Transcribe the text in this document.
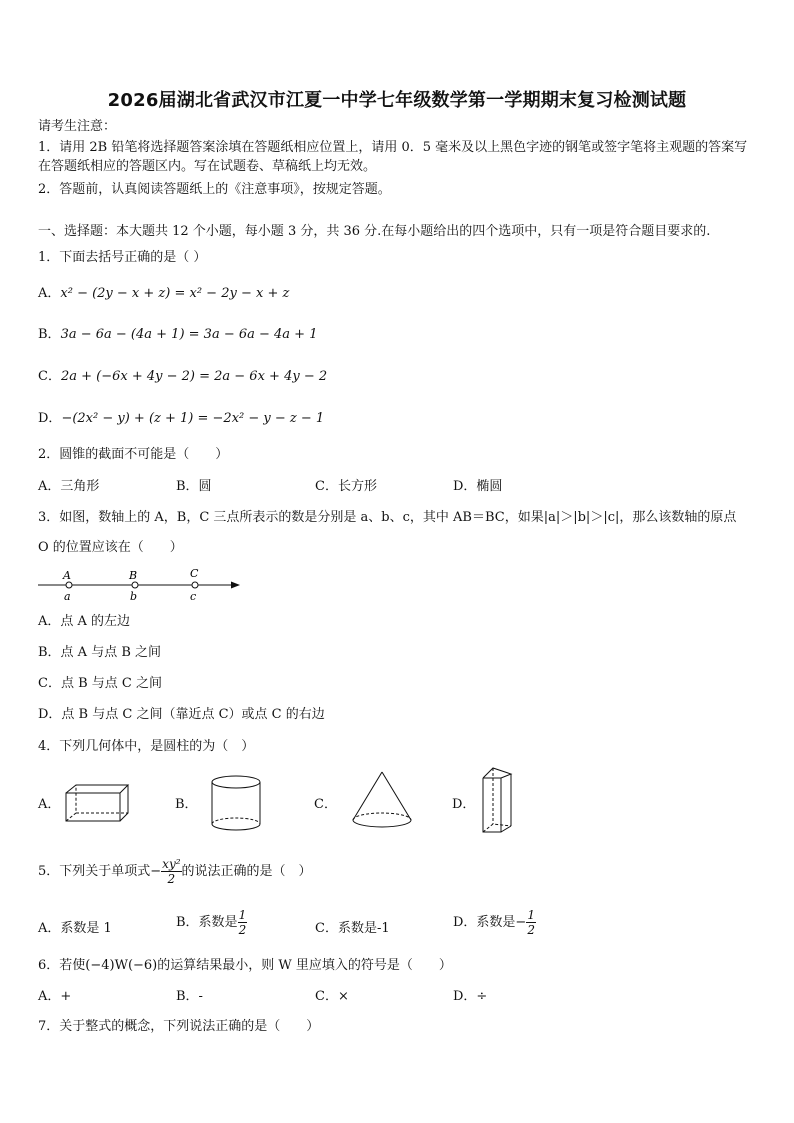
2026届湖北省武汉市江夏一中学七年级数学第一学期期末复习检测试题
请考生注意：
1．请用 2B 铅笔将选择题答案涂填在答题纸相应位置上，请用 0．5 毫米及以上黑色字迹的钢笔或签字笔将主观题的答案写在答题纸相应的答题区内。写在试题卷、草稿纸上均无效。
2．答题前，认真阅读答题纸上的《注意事项》，按规定答题。
一、选择题：本大题共 12 个小题，每小题 3 分，共 36 分.在每小题给出的四个选项中，只有一项是符合题目要求的.
1．下面去括号正确的是（ ）
A．x² − (2y − x + z) = x² − 2y − x + z
B．3a − 6a − (4a + 1) = 3a − 6a − 4a + 1
C．2a + (−6x + 4y − 2) = 2a − 6x + 4y − 2
D．−(2x² − y) + (z + 1) = −2x² − y − z − 1
2．圆锥的截面不可能是（　　）
A．三角形	B．圆	C．长方形	D．椭圆
3．如图，数轴上的 A，B，C 三点所表示的数是分别是 a、b、c，其中 AB＝BC，如果|a|＞|b|＞|c|，那么该数轴的原点
O 的位置应该在（　　）
A	B	C
a	b	c
A．点 A 的左边
B．点 A 与点 B 之间
C．点 B 与点 C 之间
D．点 B 与点 C 之间（靠近点 C）或点 C 的右边
4．下列几何体中，是圆柱的为（　）
A．	B．	C．	D．
5．下列关于单项式− $\frac{\text{xy²}}{2}$ 的说法正确的是（　）
A．系数是 1	B．系数是 $\frac{1}{2}$	C．系数是-1	D．系数是− $\frac{1}{2}$
6．若使(−4)W(−6)的运算结果最小，则 W 里应填入的符号是（　　）
A．+	B．-	C．×	D．÷
7．关于整式的概念，下列说法正确的是（　　）
